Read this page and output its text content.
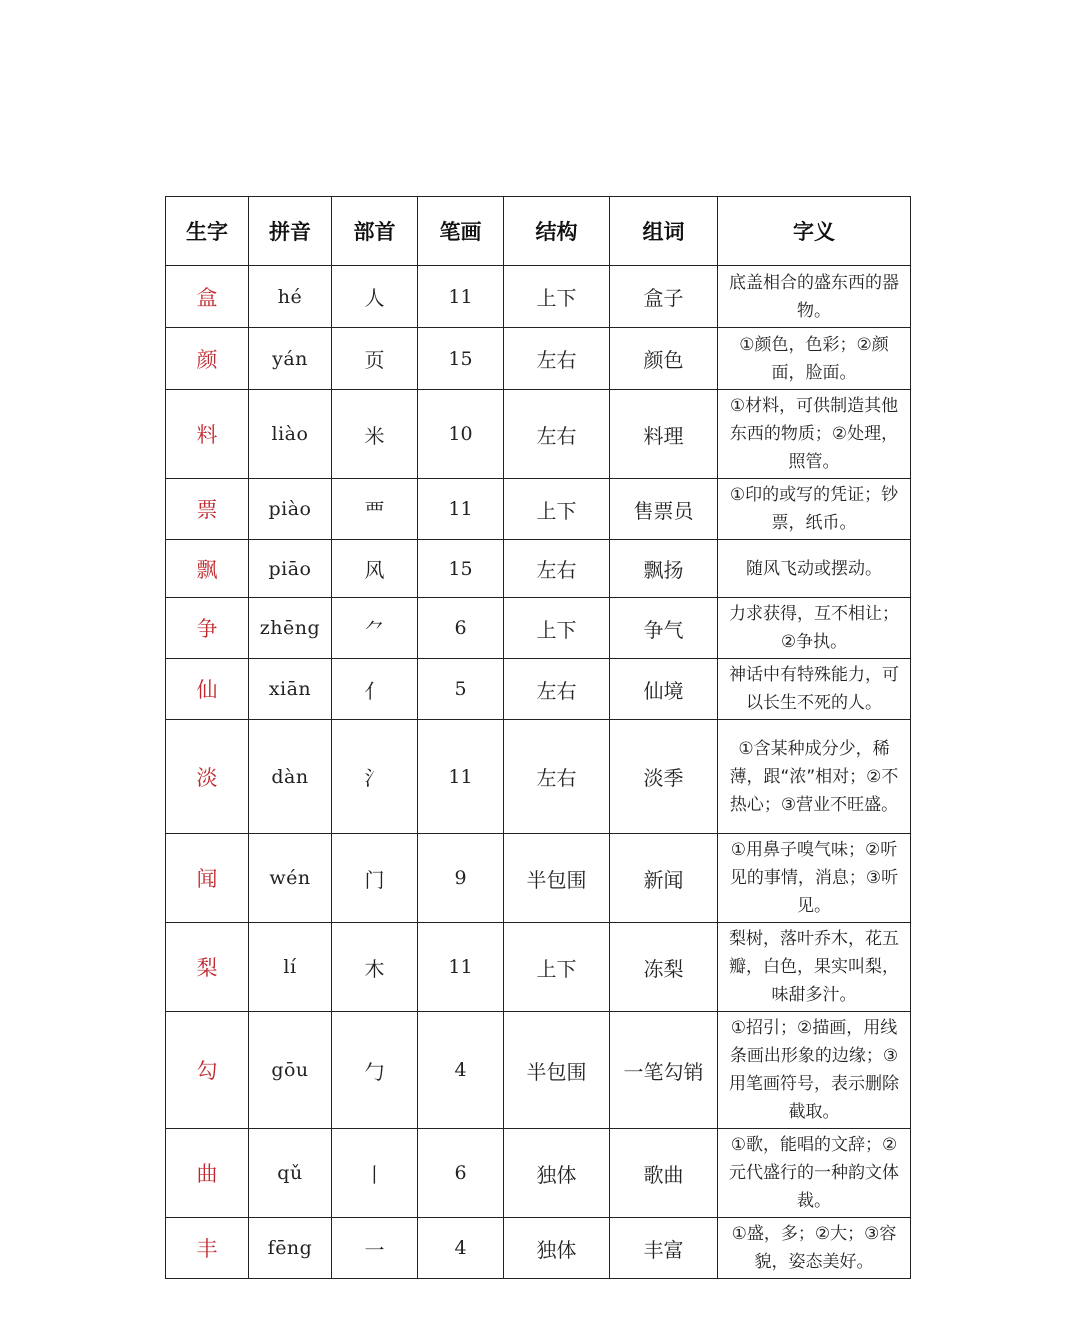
生字	拼音	部首	笔画	结构	组词	字义
盒	hé	人	11	上下	盒子	底盖相合的盛东西的器物。
颜	yán	页	15	左右	颜色	①颜色，色彩；②颜面，脸面。
料	liào	米	10	左右	料理	①材料，可供制造其他东西的物质；②处理，照管。
票	piào	覀	11	上下	售票员	①印的或写的凭证；钞票，纸币。
飘	piāo	风	15	左右	飘扬	随风飞动或摆动。
争	zhēng	⺈	6	上下	争气	力求获得，互不相让；②争执。
仙	xiān	亻	5	左右	仙境	神话中有特殊能力，可以长生不死的人。
淡	dàn	氵	11	左右	淡季	①含某种成分少，稀薄，跟“浓”相对；②不热心；③营业不旺盛。
闻	wén	门	9	半包围	新闻	①用鼻子嗅气味；②听见的事情，消息；③听见。
梨	lí	木	11	上下	冻梨	梨树，落叶乔木，花五瓣，白色，果实叫梨，味甜多汁。
勾	gōu	勹	4	半包围	一笔勾销	①招引；②描画，用线条画出形象的边缘；③用笔画符号，表示删除截取。
曲	qǔ	丨	6	独体	歌曲	①歌，能唱的文辞；②元代盛行的一种韵文体裁。
丰	fēng	一	4	独体	丰富	①盛，多；②大；③容貌，姿态美好。
